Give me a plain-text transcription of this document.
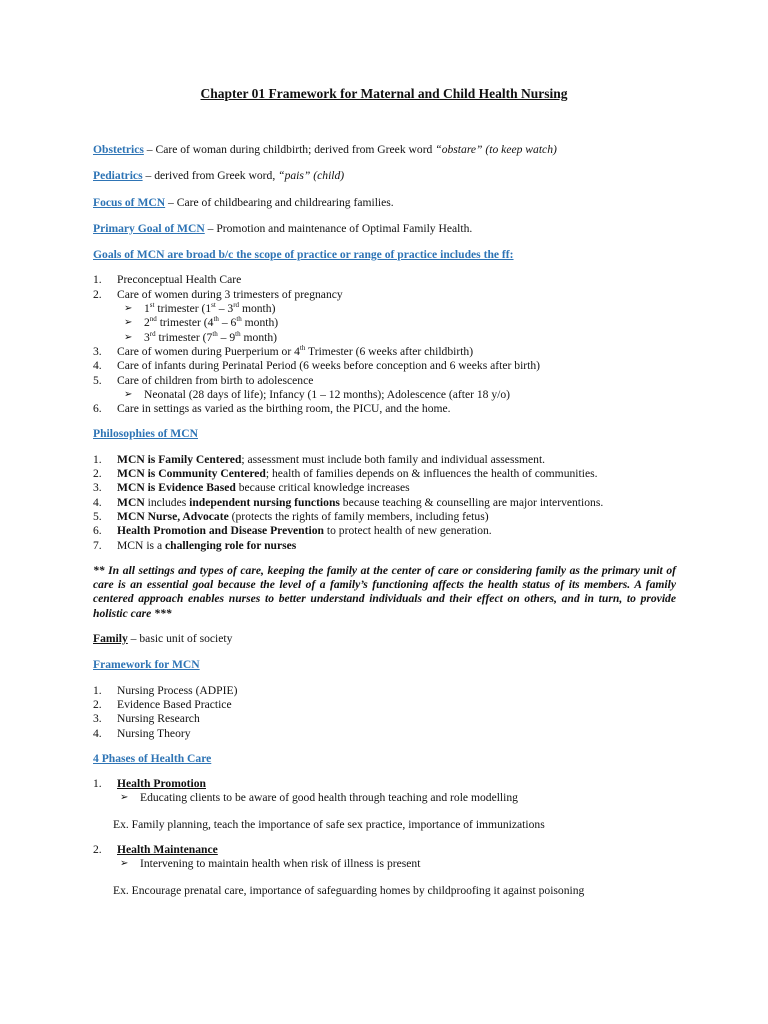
Chapter 01 Framework for Maternal and Child Health Nursing

Obstetrics – Care of woman during childbirth; derived from Greek word “obstare” (to keep watch)

Pediatrics – derived from Greek word, “pais” (child)

Focus of MCN – Care of childbearing and childrearing families.

Primary Goal of MCN – Promotion and maintenance of Optimal Family Health.

Goals of MCN are broad b/c the scope of practice or range of practice includes the ff:
1. Preconceptual Health Care
2. Care of women during 3 trimesters of pregnancy
➢ 1st trimester (1st – 3rd month)
➢ 2nd trimester (4th – 6th month)
➢ 3rd trimester (7th – 9th month)
3. Care of women during Puerperium or 4th Trimester (6 weeks after childbirth)
4. Care of infants during Perinatal Period (6 weeks before conception and 6 weeks after birth)
5. Care of children from birth to adolescence
➢ Neonatal (28 days of life); Infancy (1 – 12 months); Adolescence (after 18 y/o)
6. Care in settings as varied as the birthing room, the PICU, and the home.
Philosophies of MCN
1. MCN is Family Centered; assessment must include both family and individual assessment.
2. MCN is Community Centered; health of families depends on & influences the health of communities.
3. MCN is Evidence Based because critical knowledge increases
4. MCN includes independent nursing functions because teaching & counselling are major interventions.
5. MCN Nurse, Advocate (protects the rights of family members, including fetus)
6. Health Promotion and Disease Prevention to protect health of new generation.
7. MCN is a challenging role for nurses

** In all settings and types of care, keeping the family at the center of care or considering family as the primary unit of care is an essential goal because the level of a family’s functioning affects the health status of its members. A family centered approach enables nurses to better understand individuals and their effect on others, and in turn, to provide holistic care ***

Family – basic unit of society

Framework for MCN
1. Nursing Process (ADPIE)
2. Evidence Based Practice
3. Nursing Research
4. Nursing Theory
4 Phases of Health Care
1. Health Promotion
➢ Educating clients to be aware of good health through teaching and role modelling
Ex. Family planning, teach the importance of safe sex practice, importance of immunizations
2. Health Maintenance
➢ Intervening to maintain health when risk of illness is present
Ex. Encourage prenatal care, importance of safeguarding homes by childproofing it against poisoning
